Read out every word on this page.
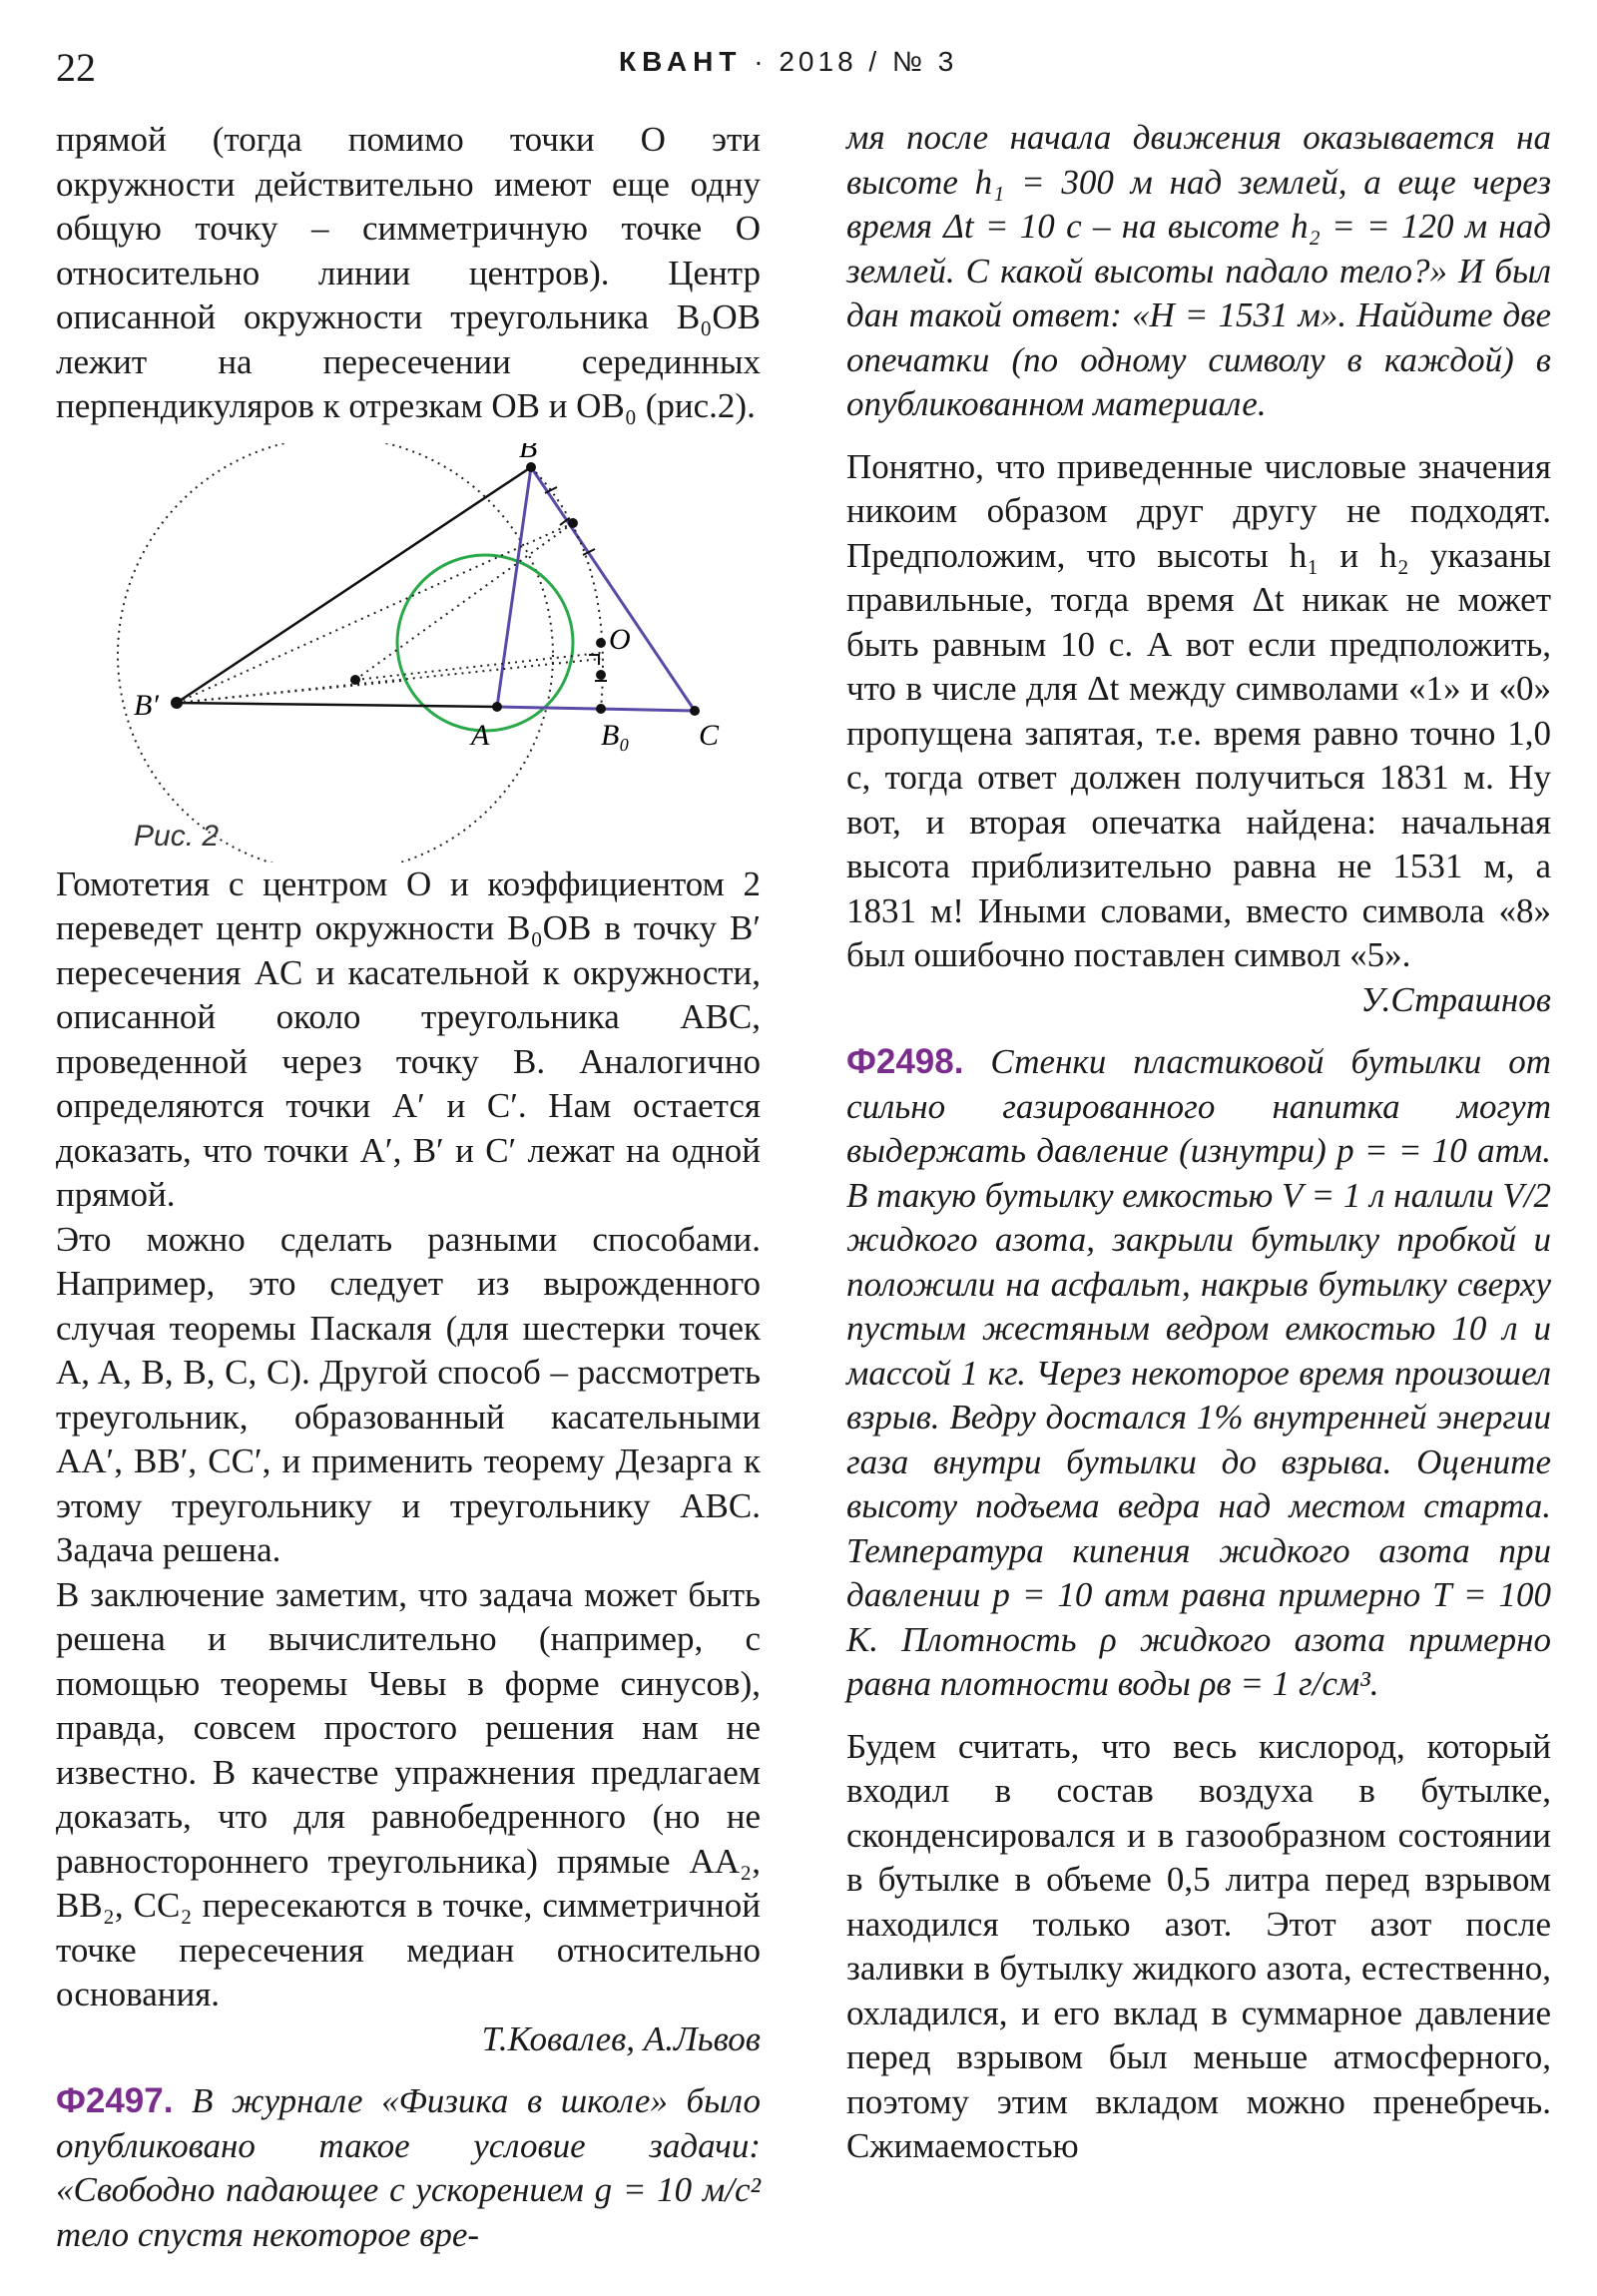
22	КВАНТ · 2018 / № 3

прямой (тогда помимо точки O эти окружности действительно имеют еще одну общую точку – симметричную точке O относительно линии центров). Центр описанной окружности треугольника B₀OB лежит на пересечении серединных перпендикуляров к отрезкам OB и OB₀ (рис.2).

B
B′
A	B₀ C
O
Рис. 2

Гомотетия с центром O и коэффициентом 2 переведет центр окружности B₀OB в точку B′ пересечения AC и касательной к окружности, описанной около треугольника ABC, проведенной через точку B. Аналогично определяются точки A′ и C′. Нам остается доказать, что точки A′, B′ и C′ лежат на одной прямой.

Это можно сделать разными способами. Например, это следует из вырожденного случая теоремы Паскаля (для шестерки точек A, A, B, B, C, C). Другой способ – рассмотреть треугольник, образованный касательными AA′, BB′, CC′, и применить теорему Дезарга к этому треугольнику и треугольнику ABC. Задача решена.

В заключение заметим, что задача может быть решена и вычислительно (например, с помощью теоремы Чевы в форме синусов), правда, совсем простого решения нам не известно. В качестве упражнения предлагаем доказать, что для равнобедренного (но не равностороннего треугольника) прямые AA₂, BB₂, CC₂ пересекаются в точке, симметричной точке пересечения медиан относительно основания.

Т.Ковалев, А.Львов

Ф2497. В журнале «Физика в школе» было опубликовано такое условие задачи: «Свободно падающее с ускорением g = 10 м/с² тело спустя некоторое вре-

мя после начала движения оказывается на высоте h₁ = 300 м над землей, а еще через время Δt = 10 с – на высоте h₂ = = 120 м над землей. С какой высоты падало тело?» И был дан такой ответ: «H = 1531 м». Найдите две опечатки (по одному символу в каждой) в опубликованном материале.

Понятно, что приведенные числовые значения никоим образом друг другу не подходят. Предположим, что высоты h₁ и h₂ указаны правильные, тогда время Δt никак не может быть равным 10 с. А вот если предположить, что в числе для Δt между символами «1» и «0» пропущена запятая, т.е. время равно точно 1,0 с, тогда ответ должен получиться 1831 м. Ну вот, и вторая опечатка найдена: начальная высота приблизительно равна не 1531 м, а 1831 м! Иными словами, вместо символа «8» был ошибочно поставлен символ «5».

У.Страшнов

Ф2498. Стенки пластиковой бутылки от сильно газированного напитка могут выдержать давление (изнутри) p = = 10 атм. В такую бутылку емкостью V = 1 л налили V/2 жидкого азота, закрыли бутылку пробкой и положили на асфальт, накрыв бутылку сверху пустым жестяным ведром емкостью 10 л и массой 1 кг. Через некоторое время произошел взрыв. Ведру достался 1% внутренней энергии газа внутри бутылки до взрыва. Оцените высоту подъема ведра над местом старта. Температура кипения жидкого азота при давлении p = 10 атм равна примерно T = 100 К. Плотность ρ жидкого азота примерно равна плотности воды ρв = 1 г/см³.

Будем считать, что весь кислород, который входил в состав воздуха в бутылке, сконденсировался и в газообразном состоянии в бутылке в объеме 0,5 литра перед взрывом находился только азот. Этот азот после заливки в бутылку жидкого азота, естественно, охладился, и его вклад в суммарное давление перед взрывом был меньше атмосферного, поэтому этим вкладом можно пренебречь. Сжимаемостью
